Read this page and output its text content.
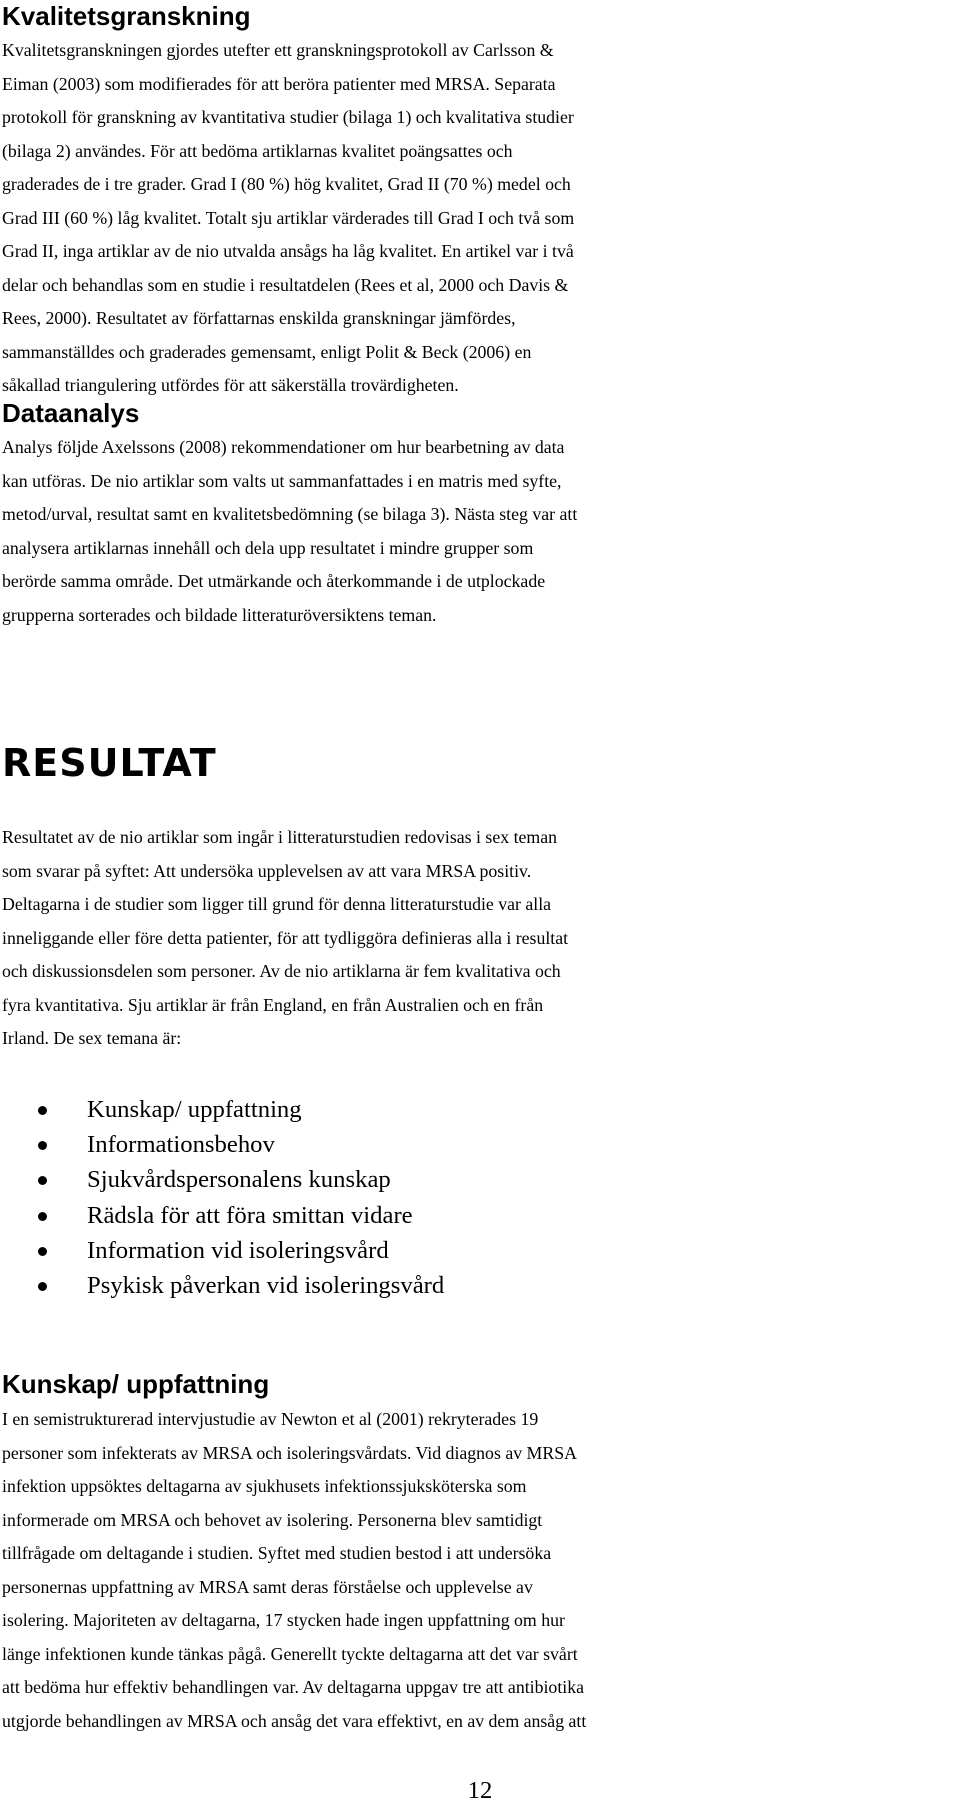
Kvalitetsgranskning
Kvalitetsgranskningen gjordes utefter ett granskningsprotokoll av Carlsson &
Eiman (2003) som modifierades för att beröra patienter med MRSA. Separata
protokoll för granskning av kvantitativa studier (bilaga 1) och kvalitativa studier
(bilaga 2) användes. För att bedöma artiklarnas kvalitet poängsattes och
graderades de i tre grader. Grad I (80 %) hög kvalitet, Grad II (70 %) medel och
Grad III (60 %) låg kvalitet. Totalt sju artiklar värderades till Grad I och två som
Grad II, inga artiklar av de nio utvalda ansågs ha låg kvalitet. En artikel var i två
delar och behandlas som en studie i resultatdelen (Rees et al, 2000 och Davis &
Rees, 2000). Resultatet av författarnas enskilda granskningar jämfördes,
sammanställdes och graderades gemensamt, enligt Polit & Beck (2006) en
såkallad triangulering utfördes för att säkerställa trovärdigheten.
Dataanalys
Analys följde Axelssons (2008) rekommendationer om hur bearbetning av data
kan utföras. De nio artiklar som valts ut sammanfattades i en matris med syfte,
metod/urval, resultat samt en kvalitetsbedömning (se bilaga 3). Nästa steg var att
analysera artiklarnas innehåll och dela upp resultatet i mindre grupper som
berörde samma område. Det utmärkande och återkommande i de utplockade
grupperna sorterades och bildade litteraturöversiktens teman.
RESULTAT
Resultatet av de nio artiklar som ingår i litteraturstudien redovisas i sex teman
som svarar på syftet: Att undersöka upplevelsen av att vara MRSA positiv.
Deltagarna i de studier som ligger till grund för denna litteraturstudie var alla
inneliggande eller före detta patienter, för att tydliggöra definieras alla i resultat
och diskussionsdelen som personer. Av de nio artiklarna är fem kvalitativa och
fyra kvantitativa. Sju artiklar är från England, en från Australien och en från
Irland. De sex temana är:
Kunskap/ uppfattning
Informationsbehov
Sjukvårdspersonalens kunskap
Rädsla för att föra smittan vidare
Information vid isoleringsvård
Psykisk påverkan vid isoleringsvård
Kunskap/ uppfattning
I en semistrukturerad intervjustudie av Newton et al (2001) rekryterades 19
personer som infekterats av MRSA och isoleringsvårdats. Vid diagnos av MRSA
infektion uppsöktes deltagarna av sjukhusets infektionssjuksköterska som
informerade om MRSA och behovet av isolering. Personerna blev samtidigt
tillfrågade om deltagande i studien. Syftet med studien bestod i att undersöka
personernas uppfattning av MRSA samt deras förståelse och upplevelse av
isolering. Majoriteten av deltagarna, 17 stycken hade ingen uppfattning om hur
länge infektionen kunde tänkas pågå. Generellt tyckte deltagarna att det var svårt
att bedöma hur effektiv behandlingen var. Av deltagarna uppgav tre att antibiotika
utgjorde behandlingen av MRSA och ansåg det vara effektivt, en av dem ansåg att
12
